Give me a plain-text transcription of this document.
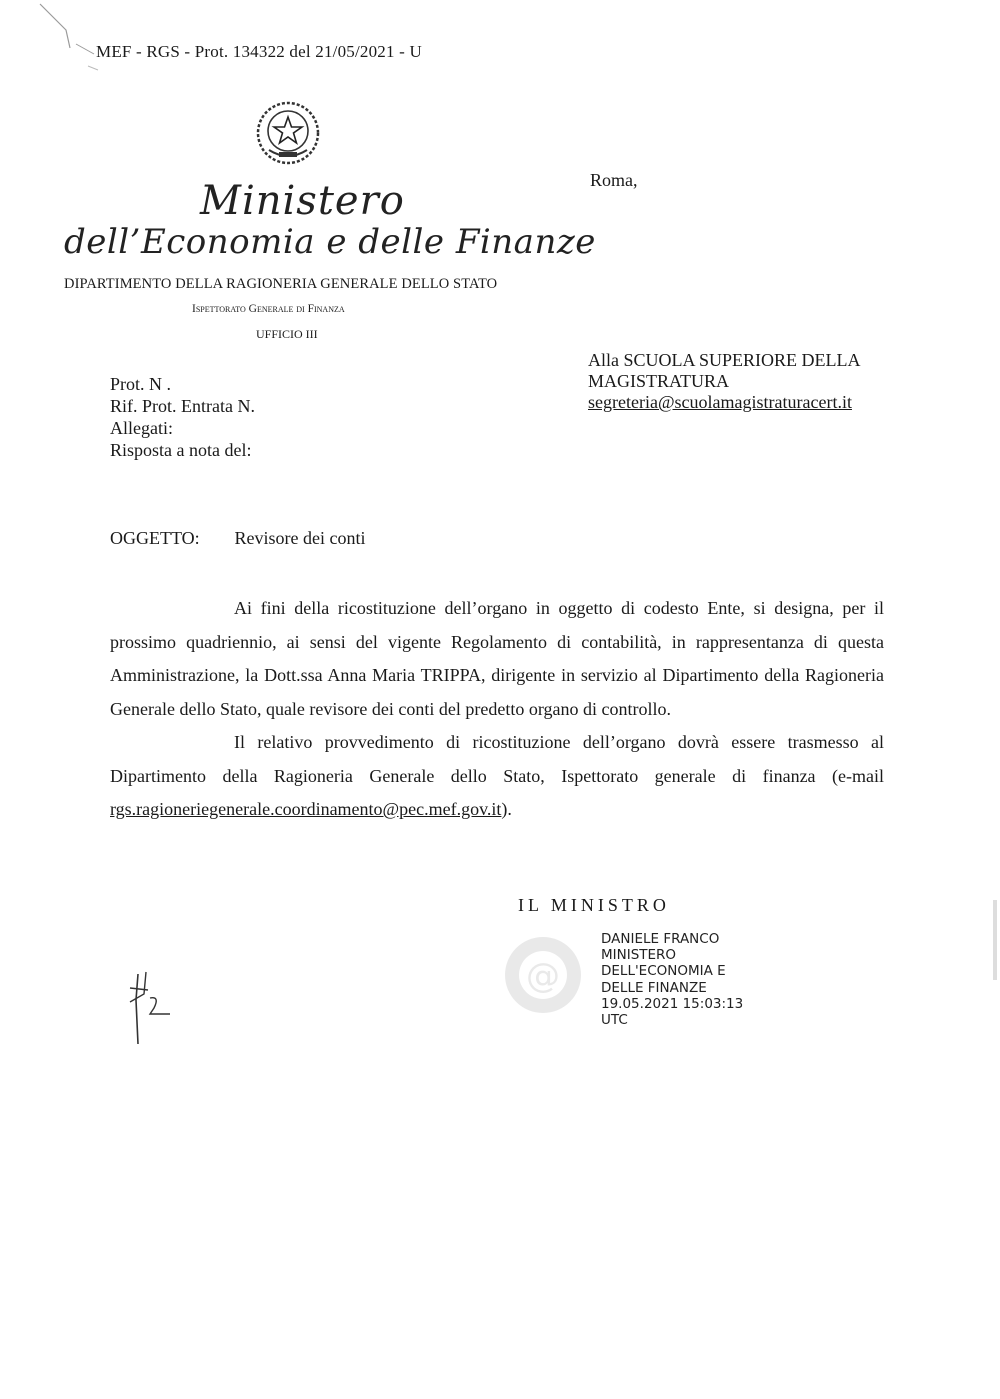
MEF - RGS - Prot. 134322 del 21/05/2021 - U
Ministero
dell’Economia e delle Finanze
DIPARTIMENTO DELLA RAGIONERIA GENERALE DELLO STATO
Ispettorato Generale di Finanza
UFFICIO III
Roma,
Alla SCUOLA SUPERIORE DELLA
MAGISTRATURA
segreteria@scuolamagistraturacert.it
Prot. N .
Rif. Prot. Entrata N.
Allegati:
Risposta a nota del:
OGGETTO: Revisore dei conti

Ai fini della ricostituzione dell’organo in oggetto di codesto Ente, si designa, per il prossimo quadriennio, ai sensi del vigente Regolamento di contabilità, in rappresentanza di questa Amministrazione, la Dott.ssa Anna Maria TRIPPA, dirigente in servizio al Dipartimento della Ragioneria Generale dello Stato, quale revisore dei conti del predetto organo di controllo.

Il relativo provvedimento di ricostituzione dell’organo dovrà essere trasmesso al Dipartimento della Ragioneria Generale dello Stato, Ispettorato generale di finanza (e-mail rgs.ragioneriegenerale.coordinamento@pec.mef.gov.it).

IL MINISTRO
@
DANIELE FRANCO
MINISTERO
DELL'ECONOMIA E
DELLE FINANZE
19.05.2021 15:03:13
UTC
